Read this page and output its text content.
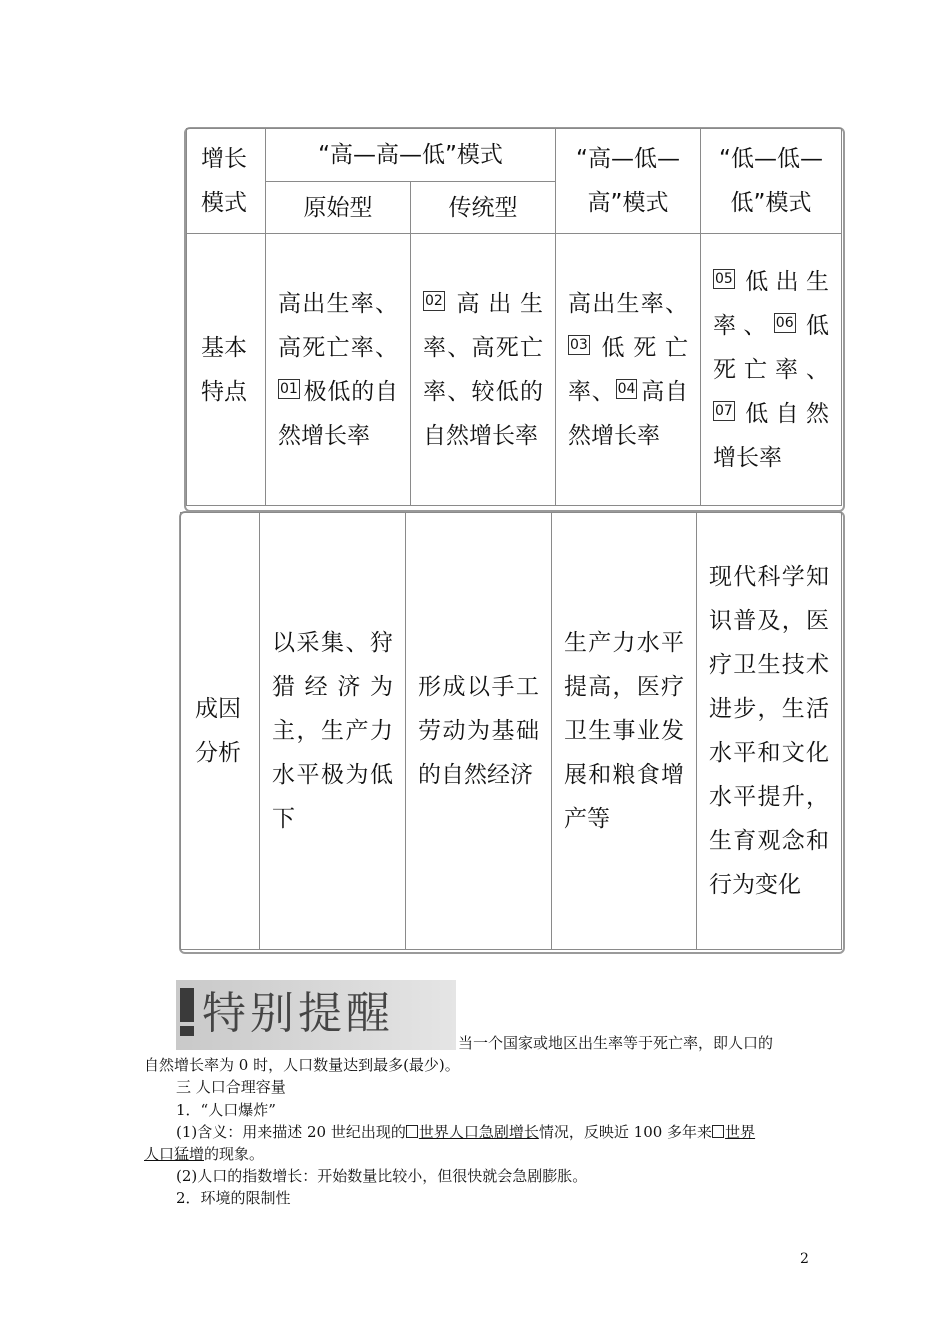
增长模式	“高—高—低”模式		“高—低—高”模式	“低—低—低”模式
	原始型	传统型		
基本特点	高出生率、高死亡率、01 极低的自然增长率	02 高出生率、高死亡率、较低的自然增长率	高出生率、03 低死亡率、 04 高自然增长率	05 低出生率、 06 低死亡率、07 低自然增长率
成因分析	以采集、狩猎经济为主，生产力水平极为低下	形成以手工劳动为基础的自然经济	生产力水平提高，医疗卫生事业发展和粮食增产等	现代科学知识普及，医疗卫生技术进步，生活水平和文化水平提升，生育观念和行为变化
特别提醒
当一个国家或地区出生率等于死亡率，即人口的
自然增长率为 0 时，人口数量达到最多(最少)。
三 人口合理容量
1．“人口爆炸”
(1)含义：用来描述 20 世纪出现的 世界人口急剧增长情况，反映近 100 多年来 世界
人口猛增的现象。
(2)人口的指数增长：开始数量比较小，但很快就会急剧膨胀。
2．环境的限制性
2
